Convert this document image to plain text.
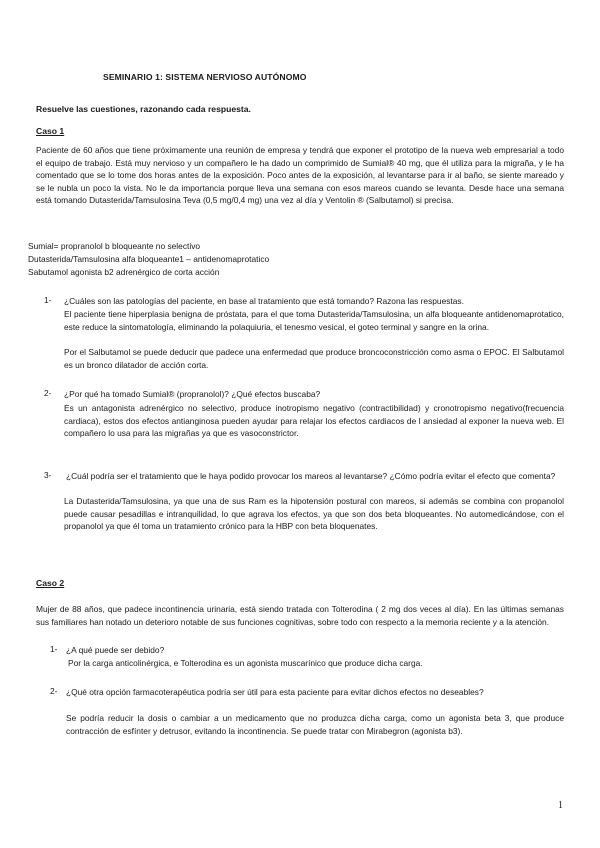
SEMINARIO 1: SISTEMA NERVIOSO AUTÓNOMO
Resuelve las cuestiones, razonando cada respuesta.
Caso 1
Paciente de 60 años que tiene próximamente una reunión de empresa y tendrá que exponer el prototipo de la nueva web empresarial a todo el equipo de trabajo. Está muy nervioso y un compañero le ha dado un comprimido de Sumial® 40 mg, que él utiliza para la migraña, y le ha comentado que se lo tome dos horas antes de la exposición. Poco antes de la exposición, al levantarse para ir al baño, se siente mareado y se le nubla un poco la vista. No le da importancia porque lleva una semana con esos mareos cuando se levanta. Desde hace una semana está tomando Dutasterida/Tamsulosina Teva (0,5 mg/0,4 mg) una vez al día y Ventolin ® (Salbutamol) si precisa.
Sumial= propranolol b bloqueante no selectivo
Dutasterida/Tamsulosina alfa bloqueante1 – antidenomaprotatico
Sabutamol agonista b2 adrenérgico de corta acción
1- ¿Cuáles son las patologías del paciente, en base al tratamiento que está tomando? Razona las respuestas.
El paciente tiene hiperplasia benigna de próstata, para el que toma Dutasterida/Tamsulosina, un alfa bloqueante antidenomaprotatico, este reduce la sintomatología, eliminando la polaquiuria, el tenesmo vesical, el goteo terminal y sangre en la orina.
Por el Salbutamol se puede deducir que padece una enfermedad que produce broncoconstricción como asma o EPOC. El Salbutamol es un bronco dilatador de acción corta.
2- ¿Por qué ha tomado Sumial® (propranolol)? ¿Qué efectos buscaba?
Es un antagonista adrenérgico no selectivo, produce inotropismo negativo (contractibilidad) y cronotropismo negativo(frecuencia cardiaca), estos dos efectos antianginosa pueden ayudar para relajar los efectos cardiacos de l ansiedad al exponer la nueva web. El compañero lo usa para las migrañas ya que es vasoconstrictor.
3- ¿Cuál podría ser el tratamiento que le haya podido provocar los mareos al levantarse? ¿Cómo podría evitar el efecto que comenta?
La Dutasterida/Tamsulosina, ya que una de sus Ram es la hipotensión postural con mareos, si además se combina con propanolol puede causar pesadillas e intranquilidad, lo que agrava los efectos, ya que son dos beta bloqueantes. No automedicándose, con el propanolol ya que él toma un tratamiento crónico para la HBP con beta bloquenates.
Caso 2
Mujer de 88 años, que padece incontinencia urinaria, está siendo tratada con Tolterodina ( 2 mg dos veces al día). En las últimas semanas sus familiares han notado un deterioro notable de sus funciones cognitivas, sobre todo con respecto a la memoria reciente y a la atención.
1- ¿A qué puede ser debido?
Por la carga anticolinérgica, e Tolterodina es un agonista muscarínico que produce dicha carga.
2- ¿Qué otra opción farmacoterapéutica podría ser útil para esta paciente para evitar dichos efectos no deseables?
Se podría reducir la dosis o cambiar a un medicamento que no produzca dicha carga, como un agonista beta 3, que produce contracción de esfínter y detrusor, evitando la incontinencia. Se puede tratar con Mirabegron (agonista b3).
1
